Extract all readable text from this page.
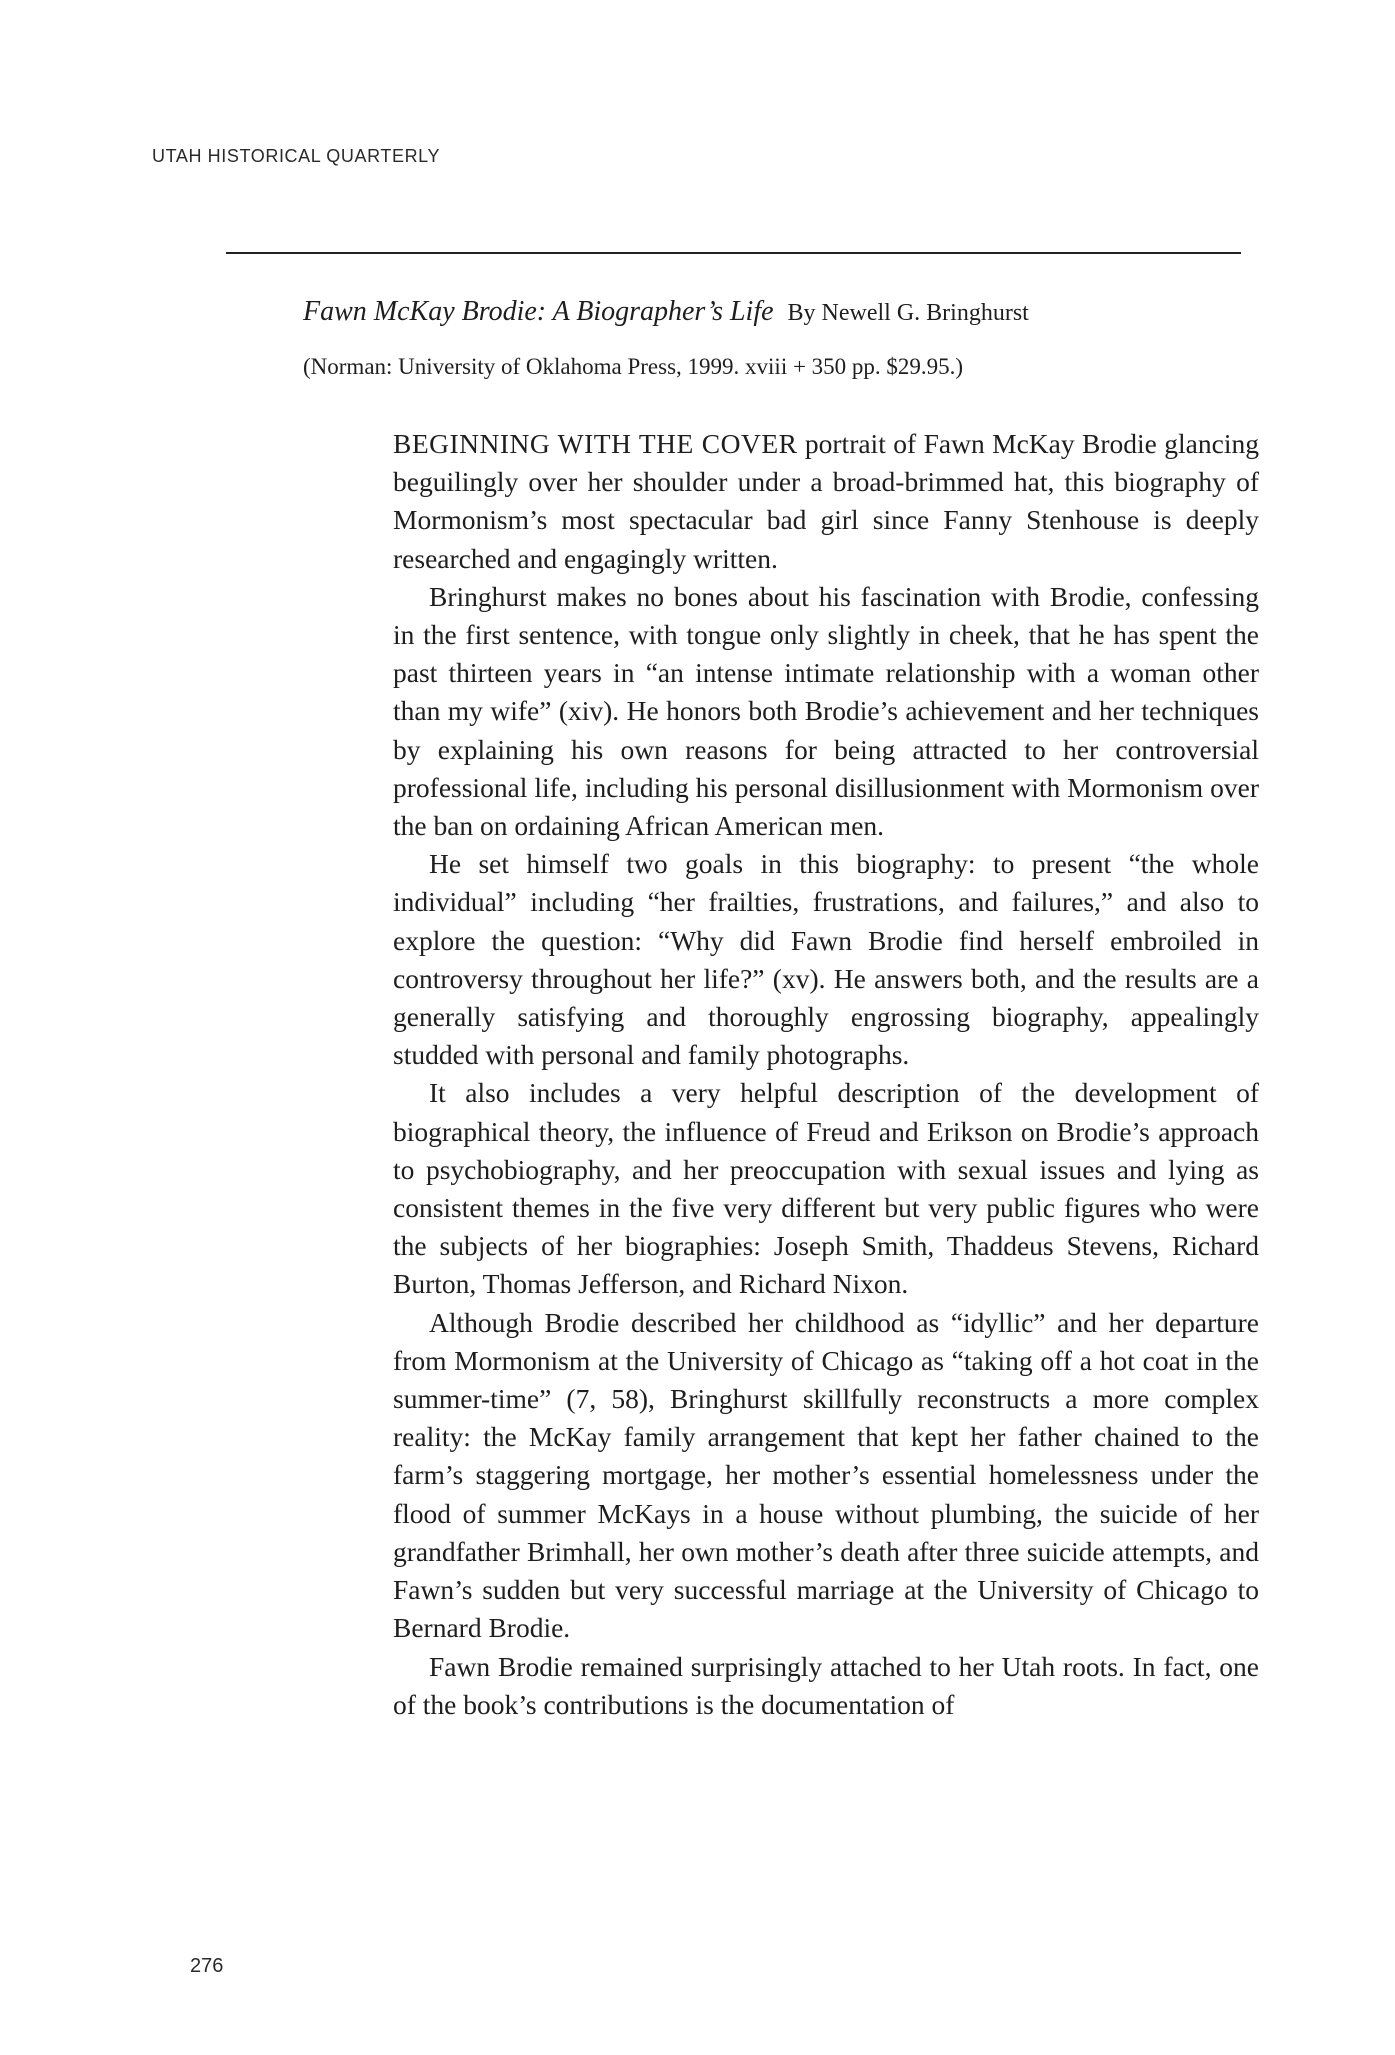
UTAH HISTORICAL QUARTERLY
Fawn McKay Brodie: A Biographer’s Life By Newell G. Bringhurst
(Norman: University of Oklahoma Press, 1999. xviii + 350 pp. $29.95.)

BEGINNING WITH THE COVER portrait of Fawn McKay Brodie glancing beguilingly over her shoulder under a broad-brimmed hat, this biography of Mormonism’s most spectacular bad girl since Fanny Stenhouse is deeply researched and engagingly written.

Bringhurst makes no bones about his fascination with Brodie, confessing in the first sentence, with tongue only slightly in cheek, that he has spent the past thirteen years in “an intense intimate relationship with a woman other than my wife” (xiv). He honors both Brodie’s achievement and her techniques by explaining his own reasons for being attracted to her controversial professional life, including his personal disillusionment with Mormonism over the ban on ordaining African American men.

He set himself two goals in this biography: to present “the whole individual” including “her frailties, frustrations, and failures,” and also to explore the question: “Why did Fawn Brodie find herself embroiled in controversy throughout her life?” (xv). He answers both, and the results are a generally satisfying and thoroughly engrossing biography, appealingly studded with personal and family photographs.

It also includes a very helpful description of the development of biographical theory, the influence of Freud and Erikson on Brodie’s approach to psychobiography, and her preoccupation with sexual issues and lying as consistent themes in the five very different but very public figures who were the subjects of her biographies: Joseph Smith, Thaddeus Stevens, Richard Burton, Thomas Jefferson, and Richard Nixon.

Although Brodie described her childhood as “idyllic” and her departure from Mormonism at the University of Chicago as “taking off a hot coat in the summer-time” (7, 58), Bringhurst skillfully reconstructs a more complex reality: the McKay family arrangement that kept her father chained to the farm’s staggering mortgage, her mother’s essential homelessness under the flood of summer McKays in a house without plumbing, the suicide of her grandfather Brimhall, her own mother’s death after three suicide attempts, and Fawn’s sudden but very successful marriage at the University of Chicago to Bernard Brodie.

Fawn Brodie remained surprisingly attached to her Utah roots. In fact, one of the book’s contributions is the documentation of

276
